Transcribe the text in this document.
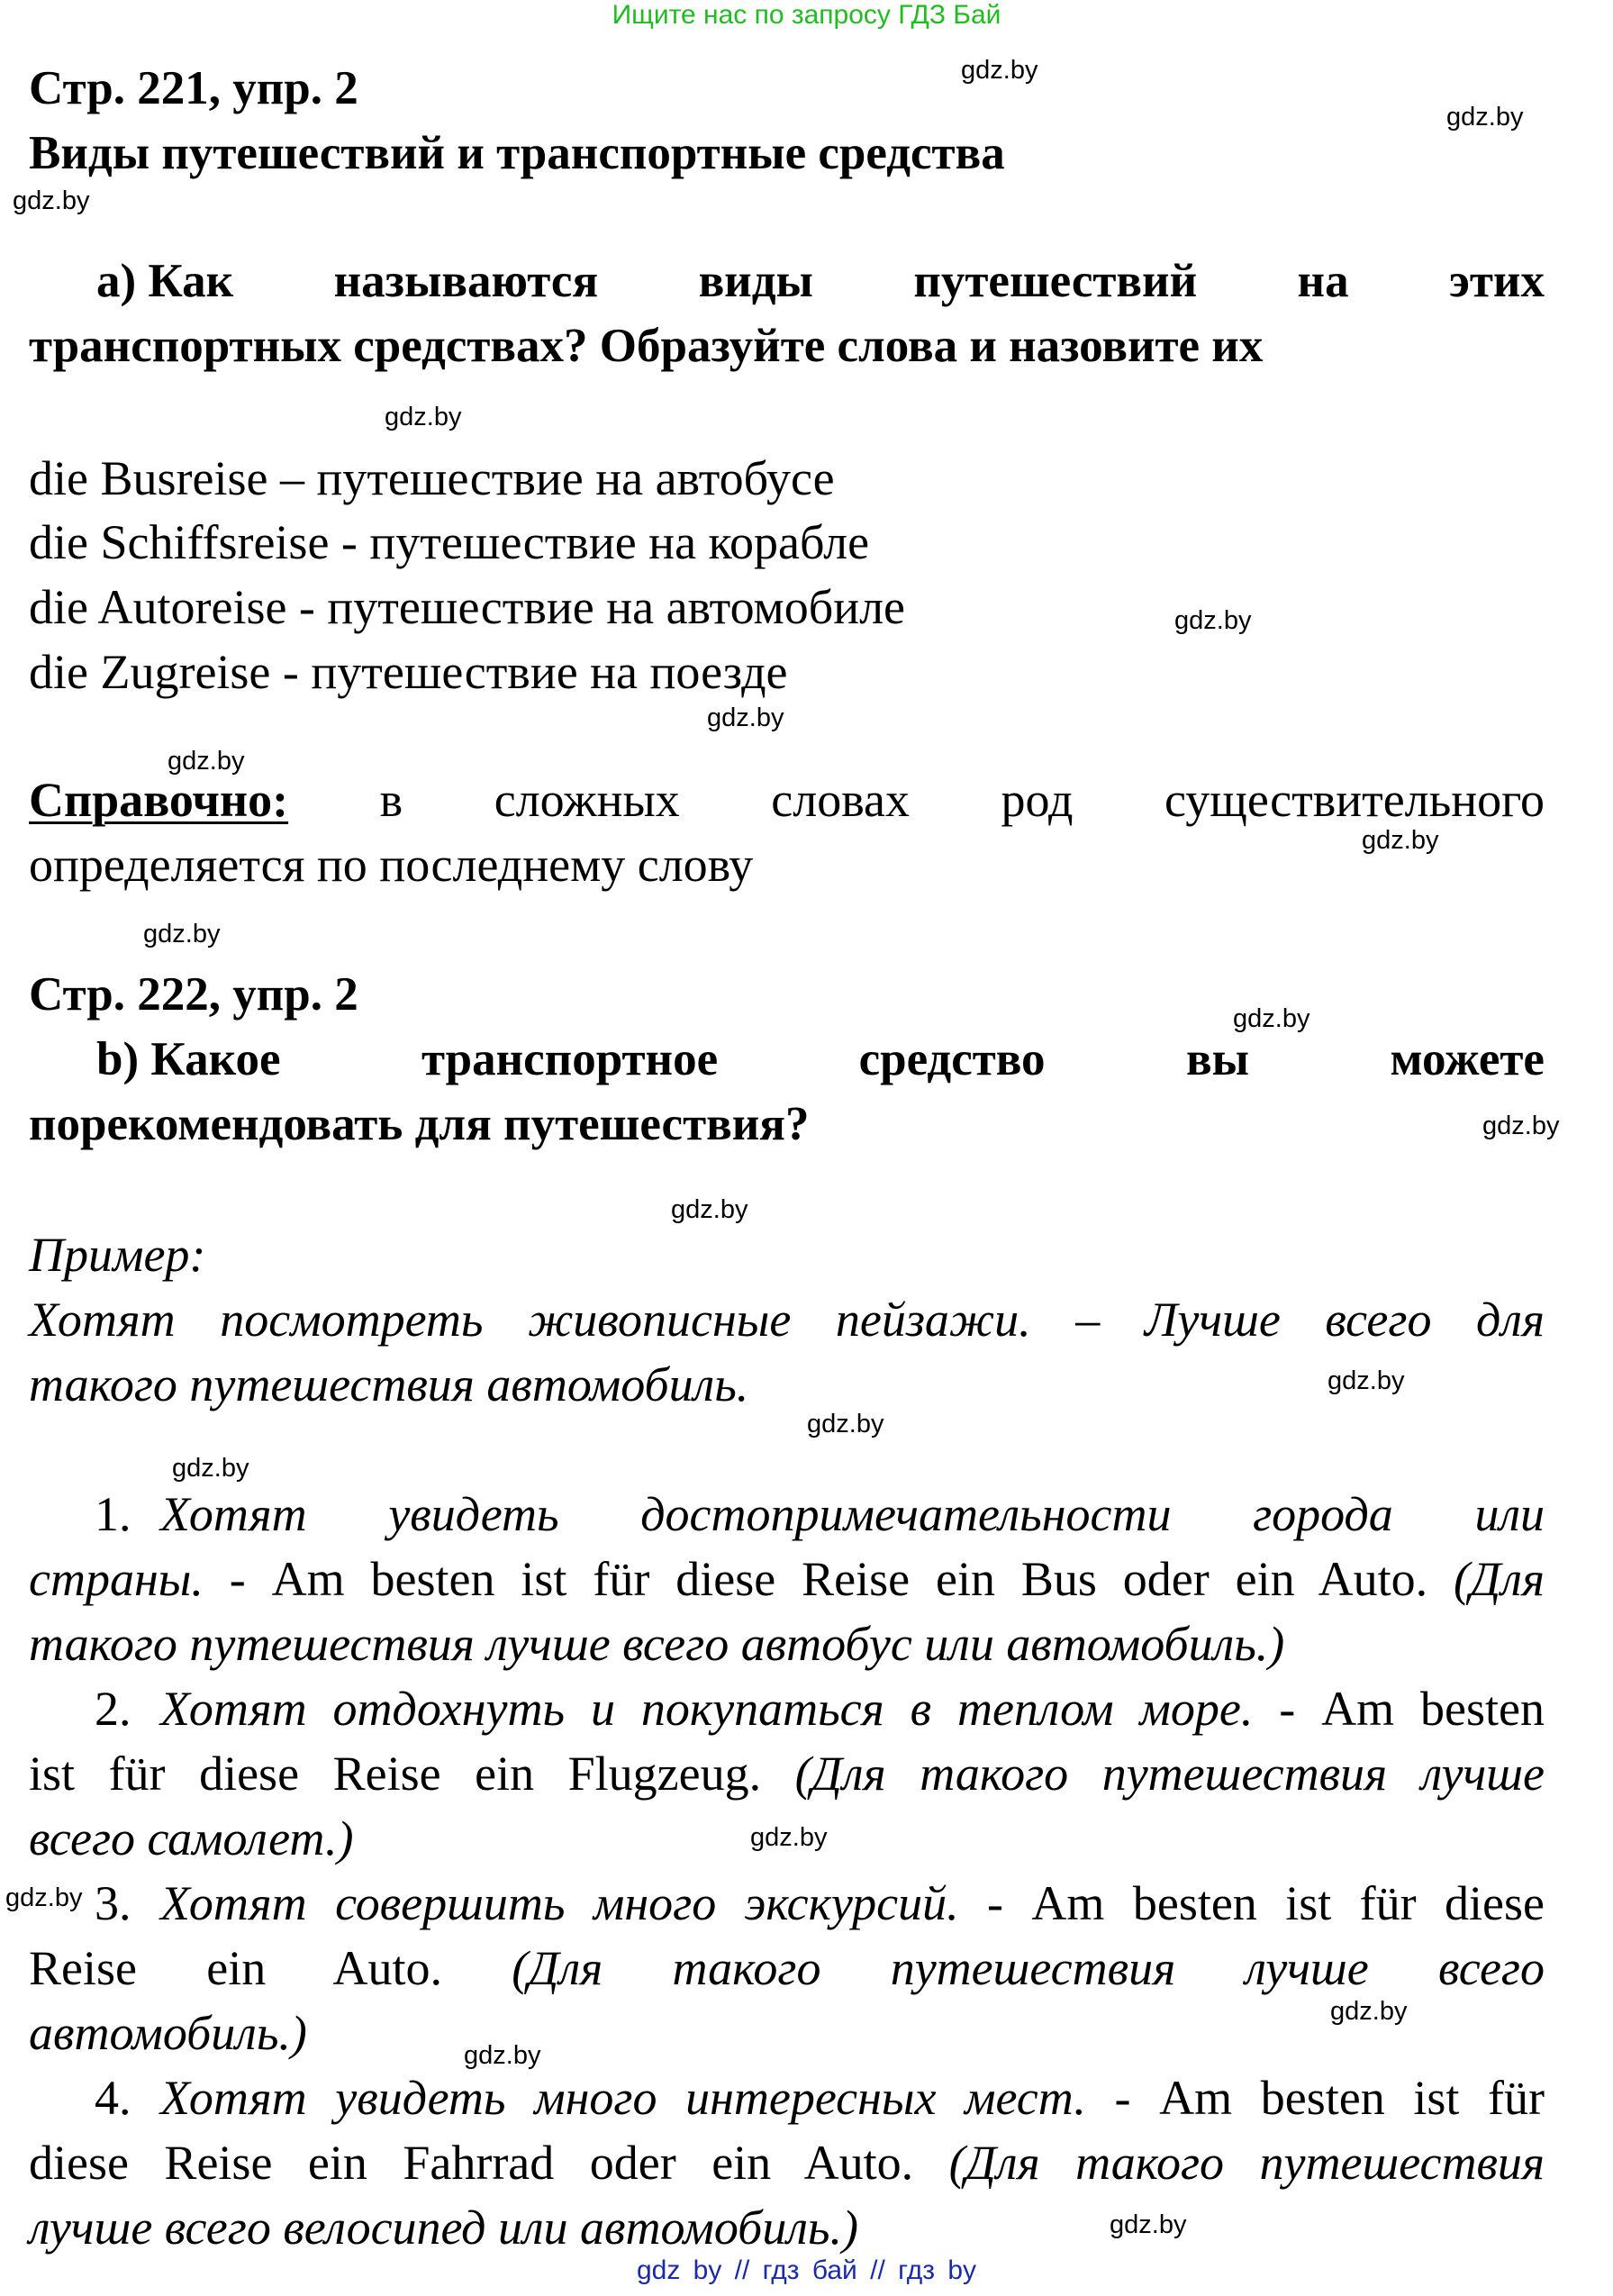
Ищите нас по запросу ГДЗ Бай
Стр. 221, упр. 2
Виды путешествий и транспортные средства
а) Как называются виды путешествий на этих
транспортных средствах? Образуйте слова и назовите их
die Busreise – путешествие на автобусе
die Schiffsreise - путешествие на корабле
die Autoreise - путешествие на автомобиле
die Zugreise - путешествие на поезде
Справочно: в сложных словах род существительного
определяется по последнему слову
Стр. 222, упр. 2
b) Какое	транспортное	средство	вы	можете
порекомендовать для путешествия?
Пример:
Хотят посмотреть живописные пейзажи. – Лучше всего для
такого путешествия автомобиль.
1. Хотят увидеть достопримечательности города или
страны. - Am besten ist für diese Reise ein Bus oder ein Auto. (Для
такого путешествия лучше всего автобус или автомобиль.)
2. Хотят отдохнуть и покупаться в теплом море. - Am besten
ist für diese Reise ein Flugzeug. (Для такого путешествия лучше
всего самолет.)
3. Хотят совершить много экскурсий. - Am besten ist für diese
Reise ein Auto. (Для такого путешествия лучше всего
автомобиль.)
4. Хотят увидеть много интересных мест. - Am besten ist für
diese Reise ein Fahrrad oder ein Auto. (Для такого путешествия
лучше всего велосипед или автомобиль.)
gdz.by
gdz.by
gdz.by
gdz.by
gdz.by
gdz.by
gdz.by
gdz.by
gdz.by
gdz.by
gdz.by
gdz.by
gdz.by
gdz.by
gdz.by
gdz.by
gdz.by
gdz.by
gdz.by
gdz.by
gdz by // гдз бай // гдз by
